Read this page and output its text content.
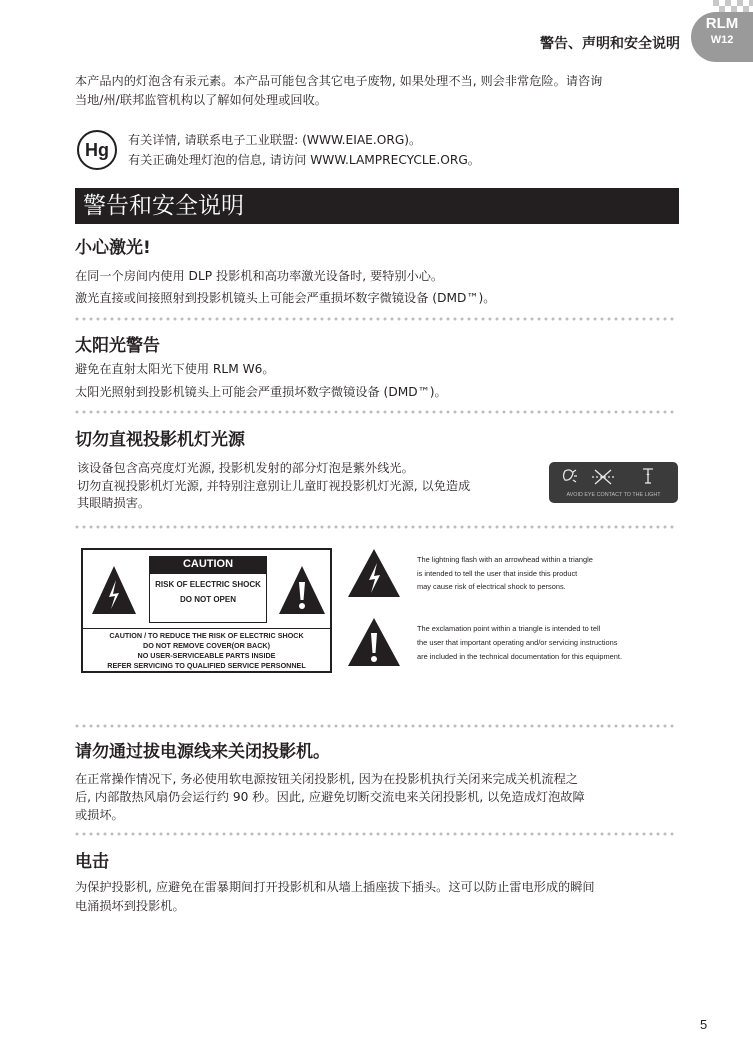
RLM
W12
警告、声明和安全说明
本产品内的灯泡含有汞元素。本产品可能包含其它电子废物, 如果处理不当, 则会非常危险。请咨询
当地/州/联邦监管机构以了解如何处理或回收。
Hg	有关详情, 请联系电子工业联盟: (WWW.EIAE.ORG)。
有关正确处理灯泡的信息, 请访问 WWW.LAMPRECYCLE.ORG。
警告和安全说明
小心激光!
在同一个房间内使用 DLP 投影机和高功率激光设备时, 要特别小心。
激光直接或间接照射到投影机镜头上可能会严重损坏数字微镜设备 (DMD™)。
太阳光警告
避免在直射太阳光下使用 RLM W6。
太阳光照射到投影机镜头上可能会严重损坏数字微镜设备 (DMD™)。
切勿直视投影机灯光源
该设备包含高亮度灯光源, 投影机发射的部分灯泡是紫外线光。
切勿直视投影机灯光源, 并特别注意别让儿童盯视投影机灯光源, 以免造成
其眼睛损害。
AVOID EYE CONTACT TO THE LIGHT
CAUTION
RISK OF ELECTRIC SHOCK
DO NOT OPEN
CAUTION / TO REDUCE THE RISK OF ELECTRIC SHOCK
DO NOT REMOVE COVER(OR BACK)
NO USER-SERVICEABLE PARTS INSIDE
REFER SERVICING TO QUALIFIED SERVICE PERSONNEL
The lightning flash with an arrowhead within a triangle
is intended to tell the user that inside this product
may cause risk of electrical shock to persons.
The exclamation point within a triangle is intended to tell
the user that important operating and/or servicing instructions
are included in the technical documentation for this equipment.
请勿通过拔电源线来关闭投影机。
在正常操作情况下, 务必使用软电源按钮关闭投影机, 因为在投影机执行关闭来完成关机流程之
后, 内部散热风扇仍会运行约 90 秒。因此, 应避免切断交流电来关闭投影机, 以免造成灯泡故障
或损坏。
电击
为保护投影机, 应避免在雷暴期间打开投影机和从墙上插座拔下插头。这可以防止雷电形成的瞬间
电涌损坏到投影机。
5
